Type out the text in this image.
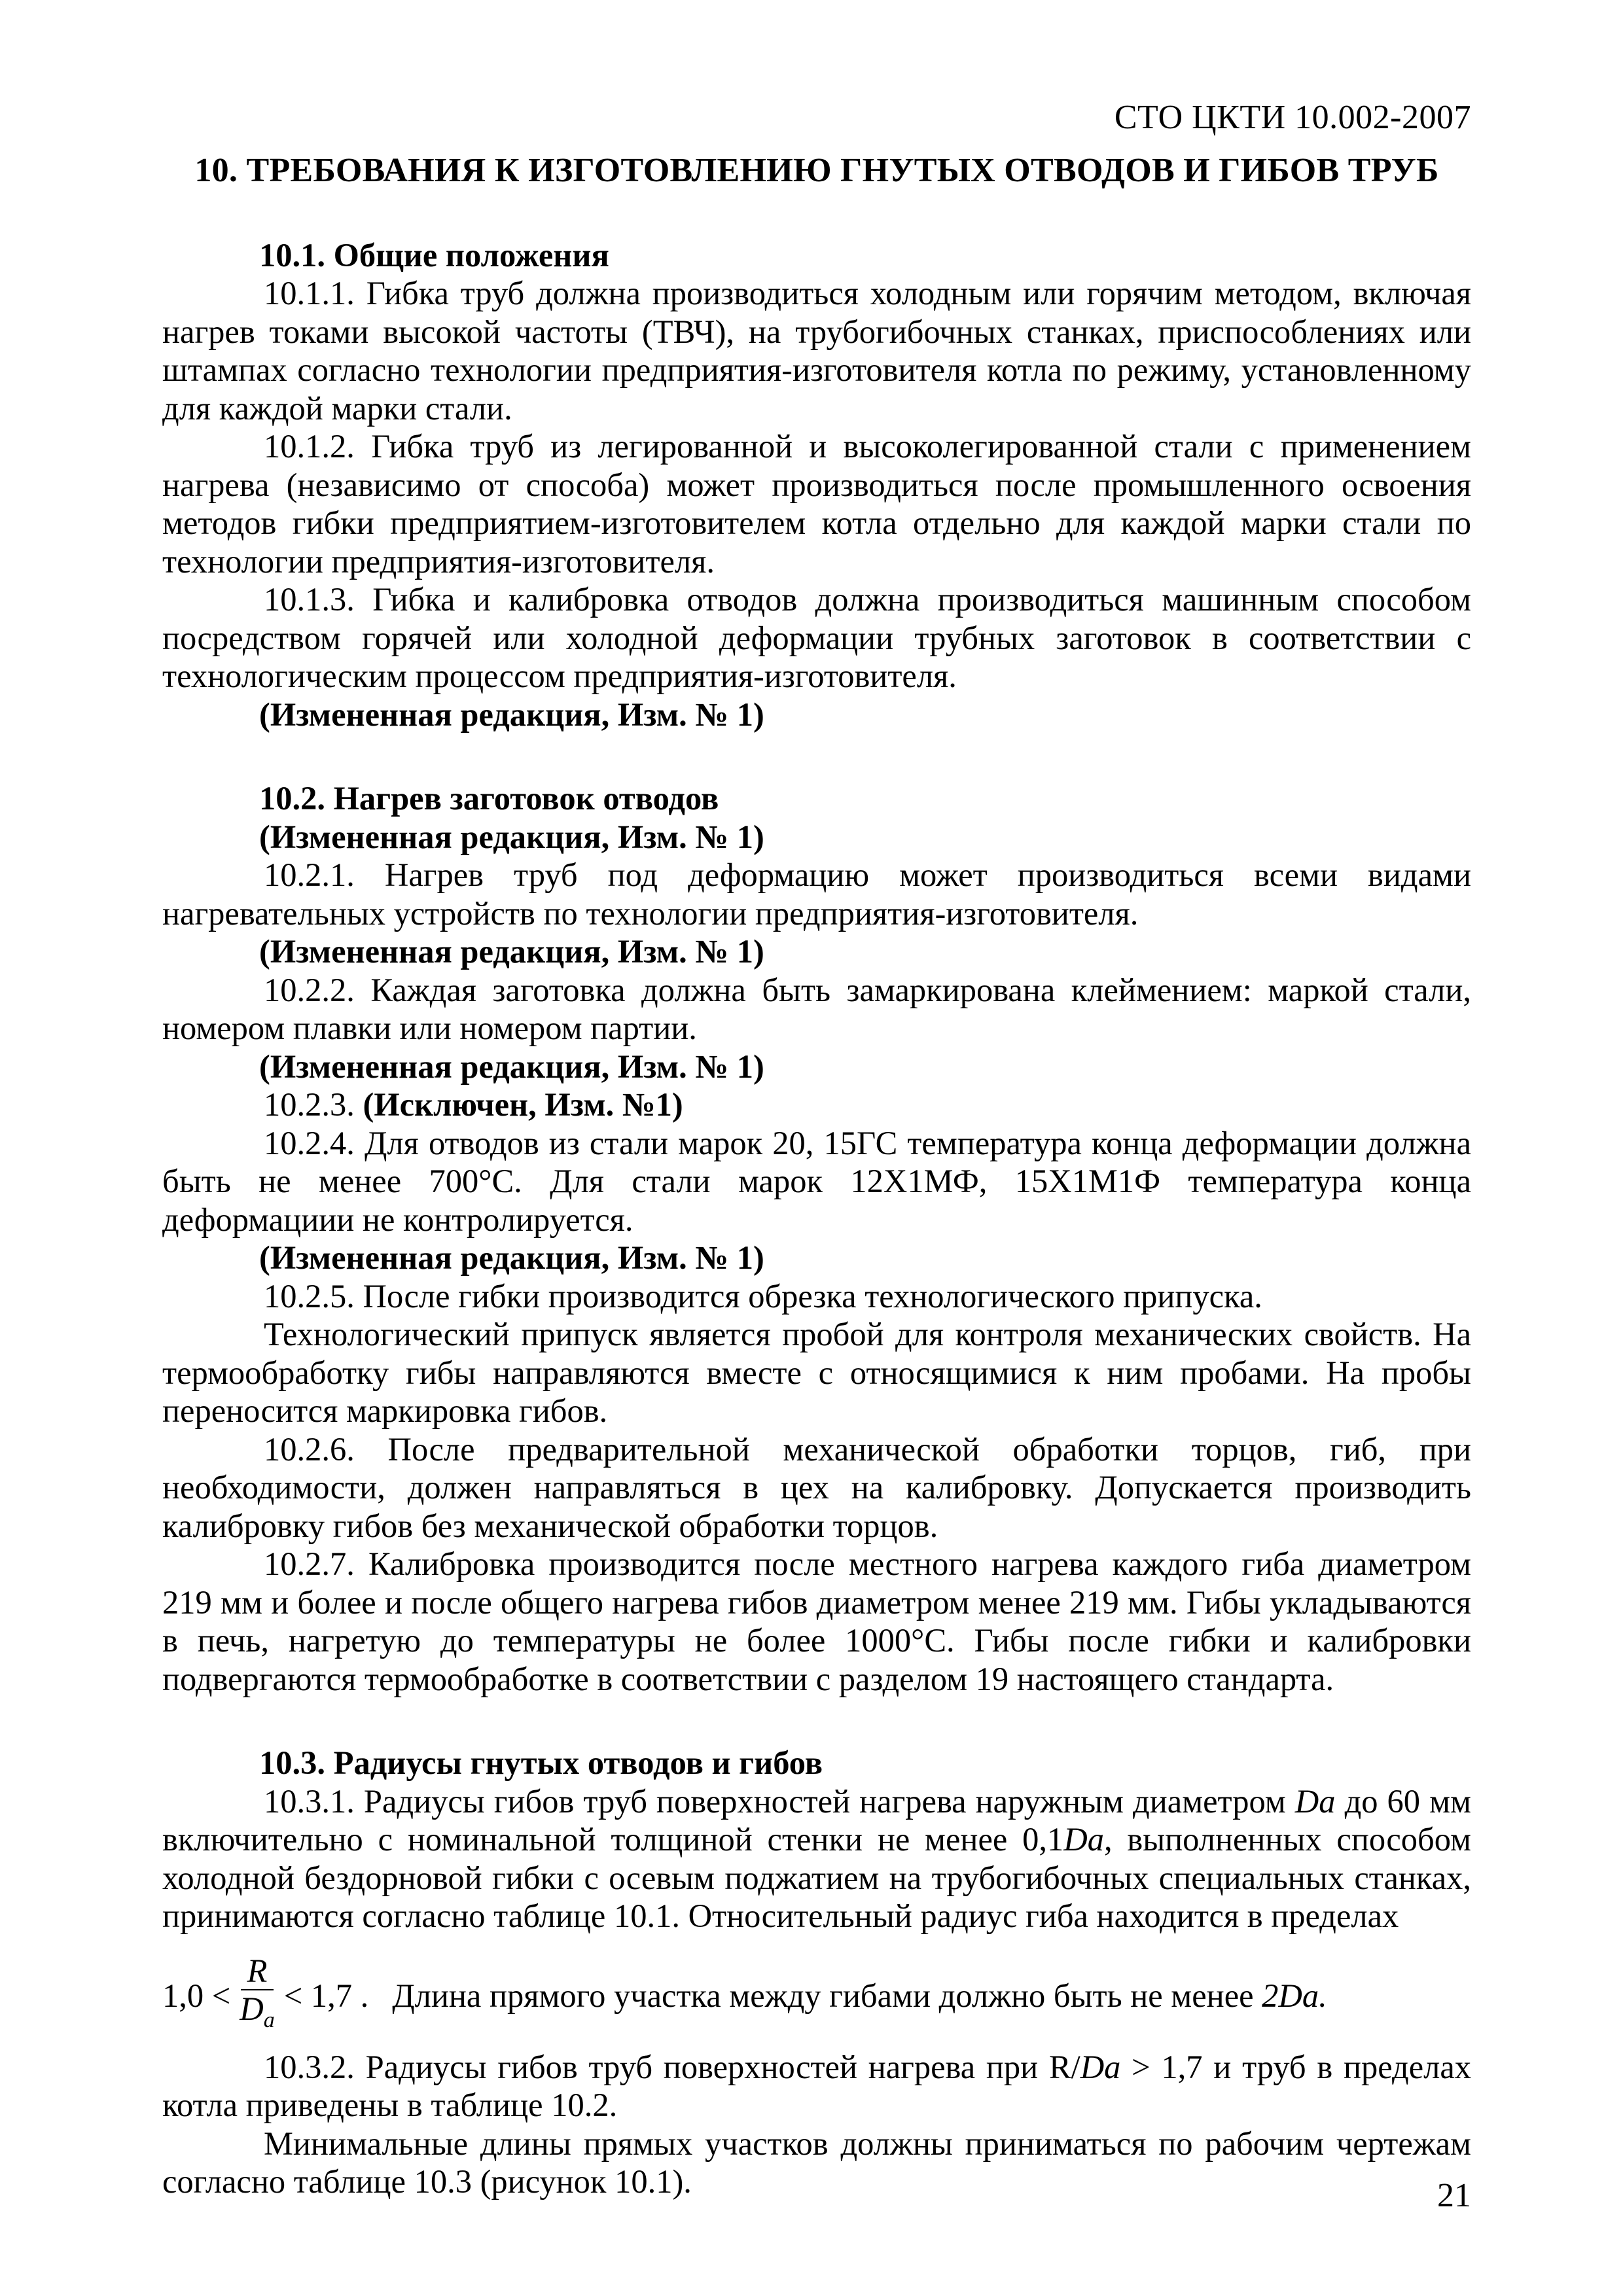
СТО ЦКТИ 10.002-2007
10. ТРЕБОВАНИЯ К ИЗГОТОВЛЕНИЮ ГНУТЫХ ОТВОДОВ И ГИБОВ ТРУБ
10.1. Общие положения

10.1.1. Гибка труб должна производиться холодным или горячим методом, включая нагрев токами высокой частоты (ТВЧ), на трубогибочных станках, приспособлениях или штампах согласно технологии предприятия-изготовителя котла по режиму, установленному для каждой марки стали.

10.1.2. Гибка труб из легированной и высоколегированной стали с применением нагрева (независимо от способа) может производиться после промышленного освоения методов гибки предприятием-изготовителем котла отдельно для каждой марки стали по технологии предприятия-изготовителя.

10.1.3. Гибка и калибровка отводов должна производиться машинным способом посредством горячей или холодной деформации трубных заготовок в соответствии с технологическим процессом предприятия-изготовителя.

(Измененная редакция, Изм. № 1)

10.2. Нагрев заготовок отводов

(Измененная редакция, Изм. № 1)

10.2.1. Нагрев труб под деформацию может производиться всеми видами нагревательных устройств по технологии предприятия-изготовителя.

(Измененная редакция, Изм. № 1)

10.2.2. Каждая заготовка должна быть замаркирована клеймением: маркой стали, номером плавки или номером партии.

(Измененная редакция, Изм. № 1)

10.2.3. (Исключен, Изм. №1)

10.2.4. Для отводов из стали марок 20, 15ГС температура конца деформации должна быть не менее 700°С. Для стали марок 12Х1МФ, 15Х1М1Ф температура конца деформациии не контролируется.

(Измененная редакция, Изм. № 1)

10.2.5. После гибки производится обрезка технологического припуска.

Технологический припуск является пробой для контроля механических свойств. На термообработку гибы направляются вместе с относящимися к ним пробами. На пробы переносится маркировка гибов.

10.2.6. После предварительной механической обработки торцов, гиб, при необходимости, должен направляться в цех на калибровку. Допускается производить калибровку гибов без механической обработки торцов.

10.2.7. Калибровка производится после местного нагрева каждого гиба диаметром 219 мм и более и после общего нагрева гибов диаметром менее 219 мм. Гибы укладываются в печь, нагретую до температуры не более 1000°С. Гибы после гибки и калибровки подвергаются термообработке в соответствии с разделом 19 настоящего стандарта.

10.3. Радиусы гнутых отводов и гибов

10.3.1. Радиусы гибов труб поверхностей нагрева наружным диаметром Da до 60 мм включительно с номинальной толщиной стенки не менее 0,1Da, выполненных способом холодной бездорновой гибки с осевым поджатием на трубогибочных специальных станках, принимаются согласно таблице 10.1. Относительный радиус гиба находится в пределах

$1,0 < \frac{R}{D_a} < 1,7$ . Длина прямого участка между гибами должно быть не менее 2Da.

10.3.2. Радиусы гибов труб поверхностей нагрева при R/Da > 1,7 и труб в пределах котла приведены в таблице 10.2.

Минимальные длины прямых участков должны приниматься по рабочим чертежам согласно таблице 10.3 (рисунок 10.1).	21
